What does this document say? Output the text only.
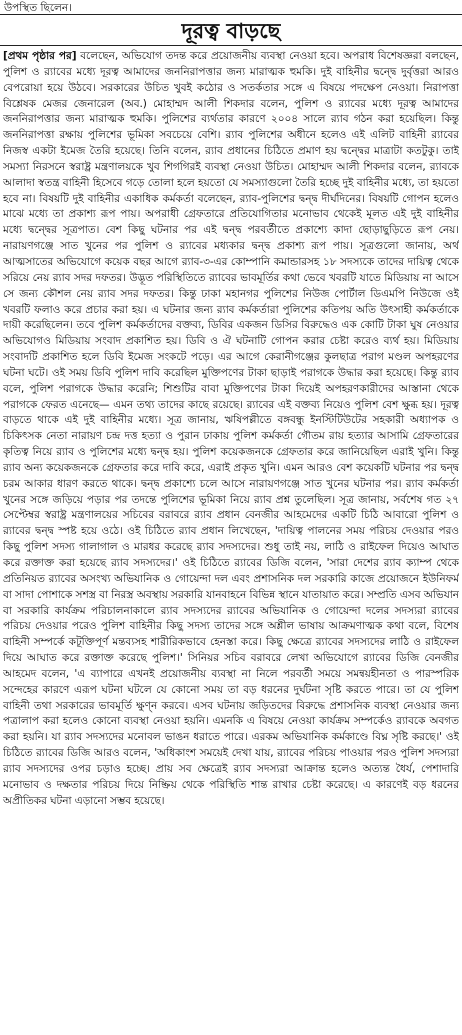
উপস্থিত ছিলেন।
দূরত্ব বাড়ছে
[প্রথম পৃষ্ঠার পর] বলেছেন, অভিযোগ তদন্ত করে প্রয়োজনীয় ব্যবস্থা নেওয়া হবে। অপরাধ বিশেষজ্ঞরা বলছেন, পুলিশ ও র‌্যাবের মধ্যে দূরত্ব আমাদের জননিরাপত্তার জন্য মারাত্মক হুমকি। দুই বাহিনীর দ্বন্দ্বে দুর্বৃত্তরা আরও বেপরোয়া হয়ে উঠবে। সরকারের উচিত খুবই কঠোর ও সতর্কতার সঙ্গে এ বিষয়ে পদক্ষেপ নেওয়া। নিরাপত্তা বিশ্লেষক মেজর জেনারেল (অব.) মোহাম্মদ আলী শিকদার বলেন, পুলিশ ও র‌্যাবের মধ্যে দূরত্ব আমাদের জননিরাপত্তার জন্য মারাত্মক হুমকি। পুলিশের ব্যর্থতার কারণে ২০০৪ সালে র‌্যাব গঠন করা হয়েছিল। কিন্তু জননিরাপত্তা রক্ষায় পুলিশের ভূমিকা সবচেয়ে বেশি। র‌্যাব পুলিশের অধীনে হলেও এই এলিট বাহিনী র‌্যাবের নিজস্ব একটা ইমেজ তৈরি হয়েছে। তিনি বলেন, র‌্যাব প্রধানের চিঠিতে প্রমাণ হয় দ্বন্দ্বের মাত্রাটা কতটুকু। তাই সমস্যা নিরসনে স্বরাষ্ট্র মন্ত্রণালয়কে খুব শিগগিরই ব্যবস্থা নেওয়া উচিত। মোহাম্মদ আলী শিকদার বলেন, র‌্যাবকে আলাদা স্বতন্ত্র বাহিনী হিসেবে গড়ে তোলা হলে হয়তো যে সমস্যাগুলো তৈরি হচ্ছে দুই বাহিনীর মধ্যে, তা হয়তো হবে না। বিষয়টি দুই বাহিনীর একাধিক কর্মকর্তা বলেছেন, র‌্যাব-পুলিশের দ্বন্দ্ব দীর্ঘদিনের। বিষয়টি গোপন হলেও মাঝে মধ্যে তা প্রকাশ্য রূপ পায়। অপরাধী গ্রেফতারে প্রতিযোগিতার মনোভাব থেকেই মূলত এই দুই বাহিনীর মধ্যে দ্বন্দ্বের সূত্রপাত। বেশ কিছু ঘটনার পর এই দ্বন্দ্ব পরবর্তীতে প্রকাশ্যে কাদা ছোড়াছুড়িতে রূপ নেয়। নারায়ণগঞ্জে সাত খুনের পর পুলিশ ও র‌্যাবের মধ্যকার দ্বন্দ্ব প্রকাশ্য রূপ পায়। সূত্রগুলো জানায়, অর্থ আত্মসাতের অভিযোগে কয়েক বছর আগে র‌্যাব-৩-এর কোম্পানি কমান্ডারসহ ১৮ সদস্যকে তাদের দায়িত্ব থেকে সরিয়ে নেয় র‌্যাব সদর দফতর। উদ্ভূত পরিস্থিতিতে র‌্যাবের ভাবমূর্তির কথা ভেবে খবরটি যাতে মিডিয়ায় না আসে সে জন্য কৌশল নেয় র‌্যাব সদর দফতর। কিন্তু ঢাকা মহানগর পুলিশের নিউজ পোর্টাল ডিএমপি নিউজে ওই খবরটি ফলাও করে প্রচার করা হয়। এ ঘটনার জন্য র‌্যাব কর্মকর্তারা পুলিশের কতিপয় অতি উৎসাহী কর্মকর্তাকে দায়ী করেছিলেন। তবে পুলিশ কর্মকর্তাদের বক্তব্য, ডিবির একজন ডিসির বিরুদ্ধেও এক কোটি টাকা ঘুষ নেওয়ার অভিযোগও মিডিয়ায় সংবাদ প্রকাশিত হয়। ডিবি ও ঐ ঘটনাটি গোপন করার চেষ্টা করেও ব্যর্থ হয়। মিডিয়ায় সংবাদটি প্রকাশিত হলে ডিবি ইমেজ সংকটে পড়ে। এর আগে কেরানীগঞ্জের কুলছাত্র পরাগ মণ্ডল অপহরণের ঘটনা ঘটে। ওই সময় ডিবি পুলিশ দাবি করেছিল মুক্তিপণের টাকা ছাড়াই পরাগকে উদ্ধার করা হয়েছে। কিন্তু র‌্যাব বলে, পুলিশ পরাগকে উদ্ধার করেনি; শিশুটির বাবা মুক্তিপণের টাকা দিয়েই অপহরণকারীদের আস্তানা থেকে পরাগকে ফেরত এনেছে— এমন তথ্য তাদের কাছে রয়েছে। র‌্যাবের এই বক্তব্য নিয়েও পুলিশ বেশ ক্ষুব্ধ হয়। দূরত্ব বাড়তে থাকে এই দুই বাহিনীর মধ্যে। সূত্র জানায়, ঋষিপল্লীতে বঙ্গবন্ধু ইনস্টিটিউটের সহকারী অধ্যাপক ও চিকিৎসক নেতা নারায়ণ চন্দ্র দত্ত হত্যা ও পুরান ঢাকায় পুলিশ কর্মকর্তা গৌতম রায় হত্যার আসামি গ্রেফতারের কৃতিত্ব নিয়ে র‌্যাব ও পুলিশের মধ্যে দ্বন্দ্ব হয়। পুলিশ কয়েকজনকে গ্রেফতার করে জানিয়েছিল এরাই খুনি। কিন্তু র‌্যাব অন্য কয়েকজনকে গ্রেফতার করে দাবি করে, এরাই প্রকৃত খুনি। এমন আরও বেশ কয়েকটি ঘটনার পর দ্বন্দ্ব চরম আকার ধারণ করতে থাকে। দ্বন্দ্ব প্রকাশ্যে চলে আসে নারায়ণগঞ্জে সাত খুনের ঘটনার পর। র‌্যাব কর্মকর্তা খুনের সঙ্গে জড়িয়ে পড়ার পর তদন্তে পুলিশের ভূমিকা নিয়ে র‌্যাব প্রশ্ন তুলেছিল। সূত্র জানায়, সর্বশেষ গত ২৭ সেপ্টেম্বর স্বরাষ্ট্র মন্ত্রণালয়ের সচিবের বরাবরে র‌্যাব প্রধান বেনজীর আহমেদের একটি চিঠি আবারো পুলিশ ও র‌্যাবের দ্বন্দ্ব স্পষ্ট হয়ে ওঠে। ওই চিঠিতে র‌্যাব প্রধান লিখেছেন, 'দায়িত্ব পালনের সময় পরিচয় দেওয়ার পরও কিছু পুলিশ সদস্য গালাগাল ও মারধর করেছে র‌্যাব সদস্যদের। শুধু তাই নয়, লাঠি ও রাইফেল দিয়েও আঘাত করে রক্তাক্ত করা হয়েছে র‌্যাব সদস্যদের।' ওই চিঠিতে র‌্যাবের ডিজি বলেন, 'সারা দেশের র‌্যাব ক্যাম্প থেকে প্রতিনিয়ত র‌্যাবের অসংখ্য অভিযানিক ও গোয়েন্দা দল এবং প্রশাসনিক দল সরকারি কাজে প্রয়োজনে ইউনিফর্ম বা সাদা পোশাকে সশস্ত্র বা নিরস্ত্র অবস্থায় সরকারি যানবাহনে বিভিন্ন স্থানে যাতায়াত করে। সম্প্রতি এসব অভিযান বা সরকারি কার্যক্রম পরিচালনাকালে র‌্যাব সদস্যদের র‌্যাবের অভিযানিক ও গোয়েন্দা দলের সদস্যরা র‌্যাবের পরিচয় দেওয়ার পরেও পুলিশ বাহিনীর কিছু সদস্য তাদের সঙ্গে অশ্লীল ভাষায় আক্রমণাত্মক কথা বলে, বিশেষ বাহিনী সম্পর্কে কটূক্তিপূর্ণ মন্তব্যসহ শারীরিকভাবে হেনস্তা করে। কিছু ক্ষেত্রে র‌্যাবের সদস্যদের লাঠি ও রাইফেল দিয়ে আঘাত করে রক্তাক্ত করেছে পুলিশ।' সিনিয়র সচিব বরাবরে লেখা অভিযোগে র‌্যাবের ডিজি বেনজীর আহমেদ বলেন, 'এ ব্যাপারে এখনই প্রয়োজনীয় ব্যবস্থা না নিলে পরবর্তী সময়ে সমন্বয়হীনতা ও পারস্পরিক সন্দেহের কারণে এরূপ ঘটনা ঘটলে যে কোনো সময় তা বড় ধরনের দুর্ঘটনা সৃষ্টি করতে পারে। তা যে পুলিশ বাহিনী তথা সরকারের ভাবমূর্তি ক্ষুণ্ন করবে। এসব ঘটনায় জড়িতদের বিরুদ্ধে প্রশাসনিক ব্যবস্থা নেওয়ার জন্য পত্রালাপ করা হলেও কোনো ব্যবস্থা নেওয়া হয়নি। এমনকি এ বিষয়ে নেওয়া কার্যক্রম সম্পর্কেও র‌্যাবকে অবগত করা হয়নি। যা র‌্যাব সদস্যদের মনোবল ভাঙন ধরাতে পারে। এরকম অভিযানিক কর্মকাণ্ডে বিঘ্ন সৃষ্টি করছে।' ওই চিঠিতে র‌্যাবের ডিজি আরও বলেন, 'অধিকাংশ সময়েই দেখা যায়, র‌্যাবের পরিচয় পাওয়ার পরও পুলিশ সদস্যরা র‌্যাব সদস্যদের ওপর চড়াও হচ্ছে। প্রায় সব ক্ষেত্রেই র‌্যাব সদস্যরা আক্রান্ত হলেও অত্যন্ত ধৈর্য, পেশাদারি মনোভাব ও দক্ষতার পরিচয় দিয়ে নিষ্ক্রিয় থেকে পরিস্থিতি শান্ত রাখার চেষ্টা করেছে। এ কারণেই বড় ধরনের অপ্রীতিকর ঘটনা এড়ানো সম্ভব হয়েছে।
